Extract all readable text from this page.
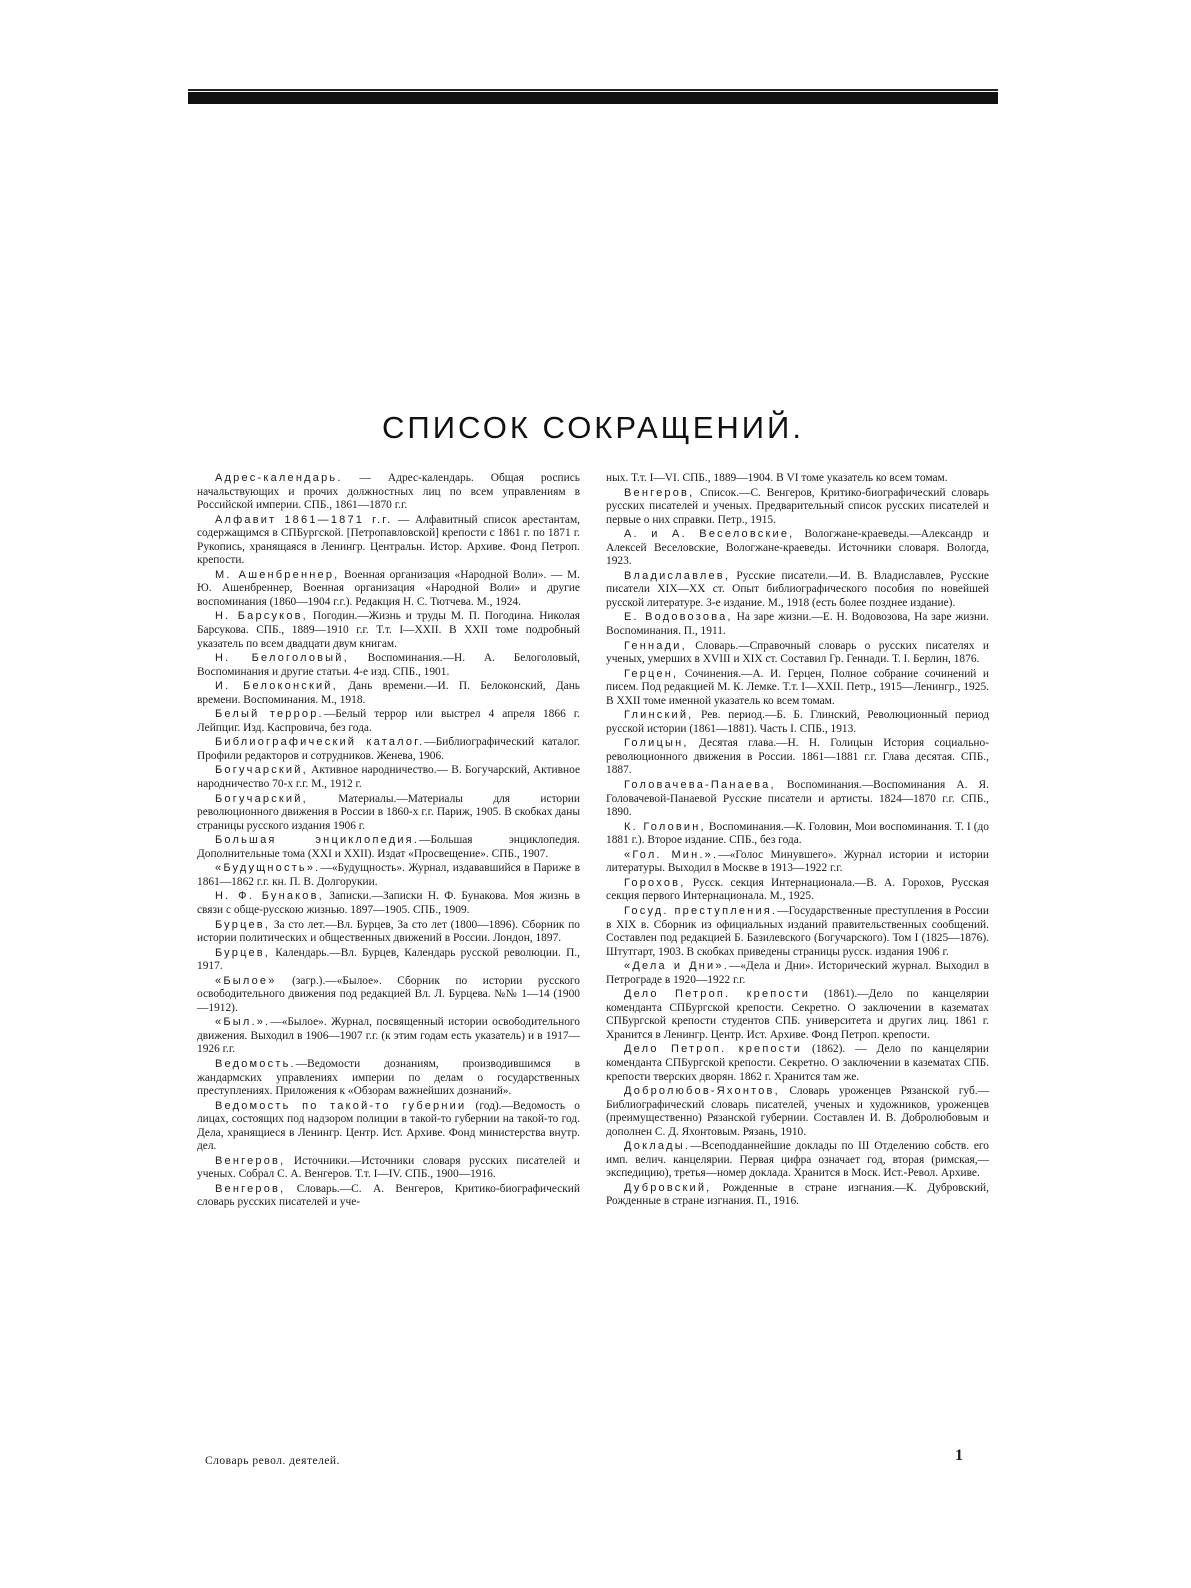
СПИСОК СОКРАЩЕНИЙ.

Адрес-календарь. — Адрес-календарь. Общая роспись начальствующих и прочих должностных лиц по всем управлениям в Российской империи. СПБ., 1861—1870 г.г.

Алфавит 1861—1871 г.г. — Алфавитный список арестантам, содержащимся в СПБургской. [Петропавловской] крепости с 1861 г. по 1871 г. Рукопись, хранящаяся в Ленингр. Центральн. Истор. Архиве. Фонд Петроп. крепости.

М. Ашенбреннер, Военная организация «Народной Воли». — М. Ю. Ашенбреннер, Военная организация «Народной Воли» и другие воспоминания (1860—1904 г.г.). Редакция Н. С. Тютчева. М., 1924.

Н. Барсуков, Погодин.—Жизнь и труды М. П. Погодина. Николая Барсукова. СПБ., 1889—1910 г.г. Т.т. I—XXII. В XXII томе подробный указатель по всем двадцати двум книгам.

Н. Белоголовый, Воспоминания.—Н. А. Белоголовый, Воспоминания и другие статьи. 4-е изд. СПБ., 1901.

И. Белоконский, Дань времени.—И. П. Белоконский, Дань времени. Воспоминания. М., 1918.

Белый террор.—Белый террор или выстрел 4 апреля 1866 г. Лейпциг. Изд. Каспровича, без года.

Библиографический каталог.—Библиографический каталог. Профили редакторов и сотрудников. Женева, 1906.

Богучарский, Активное народничество.— В. Богучарский, Активное народничество 70-х г.г. М., 1912 г.

Богучарский, Материалы.—Материалы для истории революционного движения в России в 1860-х г.г. Париж, 1905. В скобках даны страницы русского издания 1906 г.

Большая энциклопедия.—Большая энциклопедия. Дополнительные тома (XXI и XXII). Издат «Просвещение». СПБ., 1907.

«Будущность».—«Будущность». Журнал, издававшийся в Париже в 1861—1862 г.г. кн. П. В. Долгорукии.

Н. Ф. Бунаков, Записки.—Записки Н. Ф. Бунакова. Моя жизнь в связи с обще-русскою жизнью. 1897—1905. СПБ., 1909.

Бурцев, За сто лет.—Вл. Бурцев, За сто лет (1800—1896). Сборник по истории политических и общественных движений в России. Лондон, 1897.

Бурцев, Календарь.—Вл. Бурцев, Календарь русской революции. П., 1917.

«Былое» (загр.).—«Былое». Сборник по истории русского освободительного движения под редакцией Вл. Л. Бурцева. №№ 1—14 (1900—1912).

«Был.».—«Былое». Журнал, посвященный истории освободительного движения. Выходил в 1906—1907 г.г. (к этим годам есть указатель) и в 1917—1926 г.г.

Ведомость.—Ведомости дознаниям, производившимся в жандармских управлениях империи по делам о государственных преступлениях. Приложения к «Обзорам важнейших дознаний».

Ведомость по такой-то губернии (год).—Ведомость о лицах, состоящих под надзором полиции в такой-то губернии на такой-то год. Дела, хранящиеся в Ленингр. Центр. Ист. Архиве. Фонд министерства внутр. дел.

Венгеров, Источники.—Источники словаря русских писателей и ученых. Собрал С. А. Венгеров. Т.т. I—IV. СПБ., 1900—1916.

Венгеров, Словарь.—С. А. Венгеров, Критико-биографический словарь русских писателей и уче-

ных. Т.т. I—VI. СПБ., 1889—1904. В VI томе указатель ко всем томам.

Венгеров, Список.—С. Венгеров, Критико-биографический словарь русских писателей и ученых. Предварительный список русских писателей и первые о них справки. Петр., 1915.

А. и А. Веселовские, Вологжане-краеведы.—Александр и Алексей Веселовские, Вологжане-краеведы. Источники словаря. Вологда, 1923.

Владиславлев, Русские писатели.—И. В. Владиславлев, Русские писатели XIX—XX ст. Опыт библиографического пособия по новейшей русской литературе. 3-е издание. М., 1918 (есть более позднее издание).

Е. Водовозова, На заре жизни.—Е. Н. Водовозова, На заре жизни. Воспоминания. П., 1911.

Геннади, Словарь.—Справочный словарь о русских писателях и ученых, умерших в XVIII и XIX ст. Составил Гр. Геннади. Т. I. Берлин, 1876.

Герцен, Сочинения.—А. И. Герцен, Полное собрание сочинений и писем. Под редакцией М. К. Лемке. Т.т. I—XXII. Петр., 1915—Ленингр., 1925. В XXII томе именной указатель ко всем томам.

Глинский, Рев. период.—Б. Б. Глинский, Революционный период русской истории (1861—1881). Часть I. СПБ., 1913.

Голицын, Десятая глава.—Н. Н. Голицын История социально-революционного движения в России. 1861—1881 г.г. Глава десятая. СПБ., 1887.

Головачева-Панаева, Воспоминания.—Воспоминания А. Я. Головачевой-Панаевой Русские писатели и артисты. 1824—1870 г.г. СПБ., 1890.

К. Головин, Воспоминания.—К. Головин, Мои воспоминания. Т. I (до 1881 г.). Второе издание. СПБ., без года.

«Гол. Мин.».—«Голос Минувшего». Журнал истории и истории литературы. Выходил в Москве в 1913—1922 г.г.

Горохов, Русск. секция Интернационала.—В. А. Горохов, Русская секция первого Интернационала. М., 1925.

Госуд. преступления.—Государственные преступления в России в XIX в. Сборник из официальных изданий правительственных сообщений. Составлен под редакцией Б. Базилевского (Богучарского). Том I (1825—1876). Штутгарт, 1903. В скобках приведены страницы русск. издания 1906 г.

«Дела и Дни».—«Дела и Дни». Исторический журнал. Выходил в Петрограде в 1920—1922 г.г.

Дело Петроп. крепости (1861).—Дело по канцелярии коменданта СПБургской крепости. Секретно. О заключении в казематах СПБургской крепости студентов СПБ. университета и других лиц. 1861 г. Хранится в Ленингр. Центр. Ист. Архиве. Фонд Петроп. крепости.

Дело Петроп. крепости (1862). — Дело по канцелярии коменданта СПБургской крепости. Секретно. О заключении в казематах СПБ. крепости тверских дворян. 1862 г. Хранится там же.

Добролюбов-Яхонтов, Словарь уроженцев Рязанской губ.—Библиографический словарь писателей, ученых и художников, уроженцев (преимущественно) Рязанской губернии. Составлен И. В. Добролюбовым и дополнен С. Д. Яхонтовым. Рязань, 1910.

Доклады.—Всеподданнейшие доклады по III Отделению собств. его имп. велич. канцелярии. Первая цифра означает год, вторая (римская,—экспедицию), третья—номер доклада. Хранится в Моск. Ист.-Револ. Архиве.

Дубровский, Рожденные в стране изгнания.—К. Дубровский, Рожденные в стране изгнания. П., 1916.

Словарь револ. деятелей.	1
